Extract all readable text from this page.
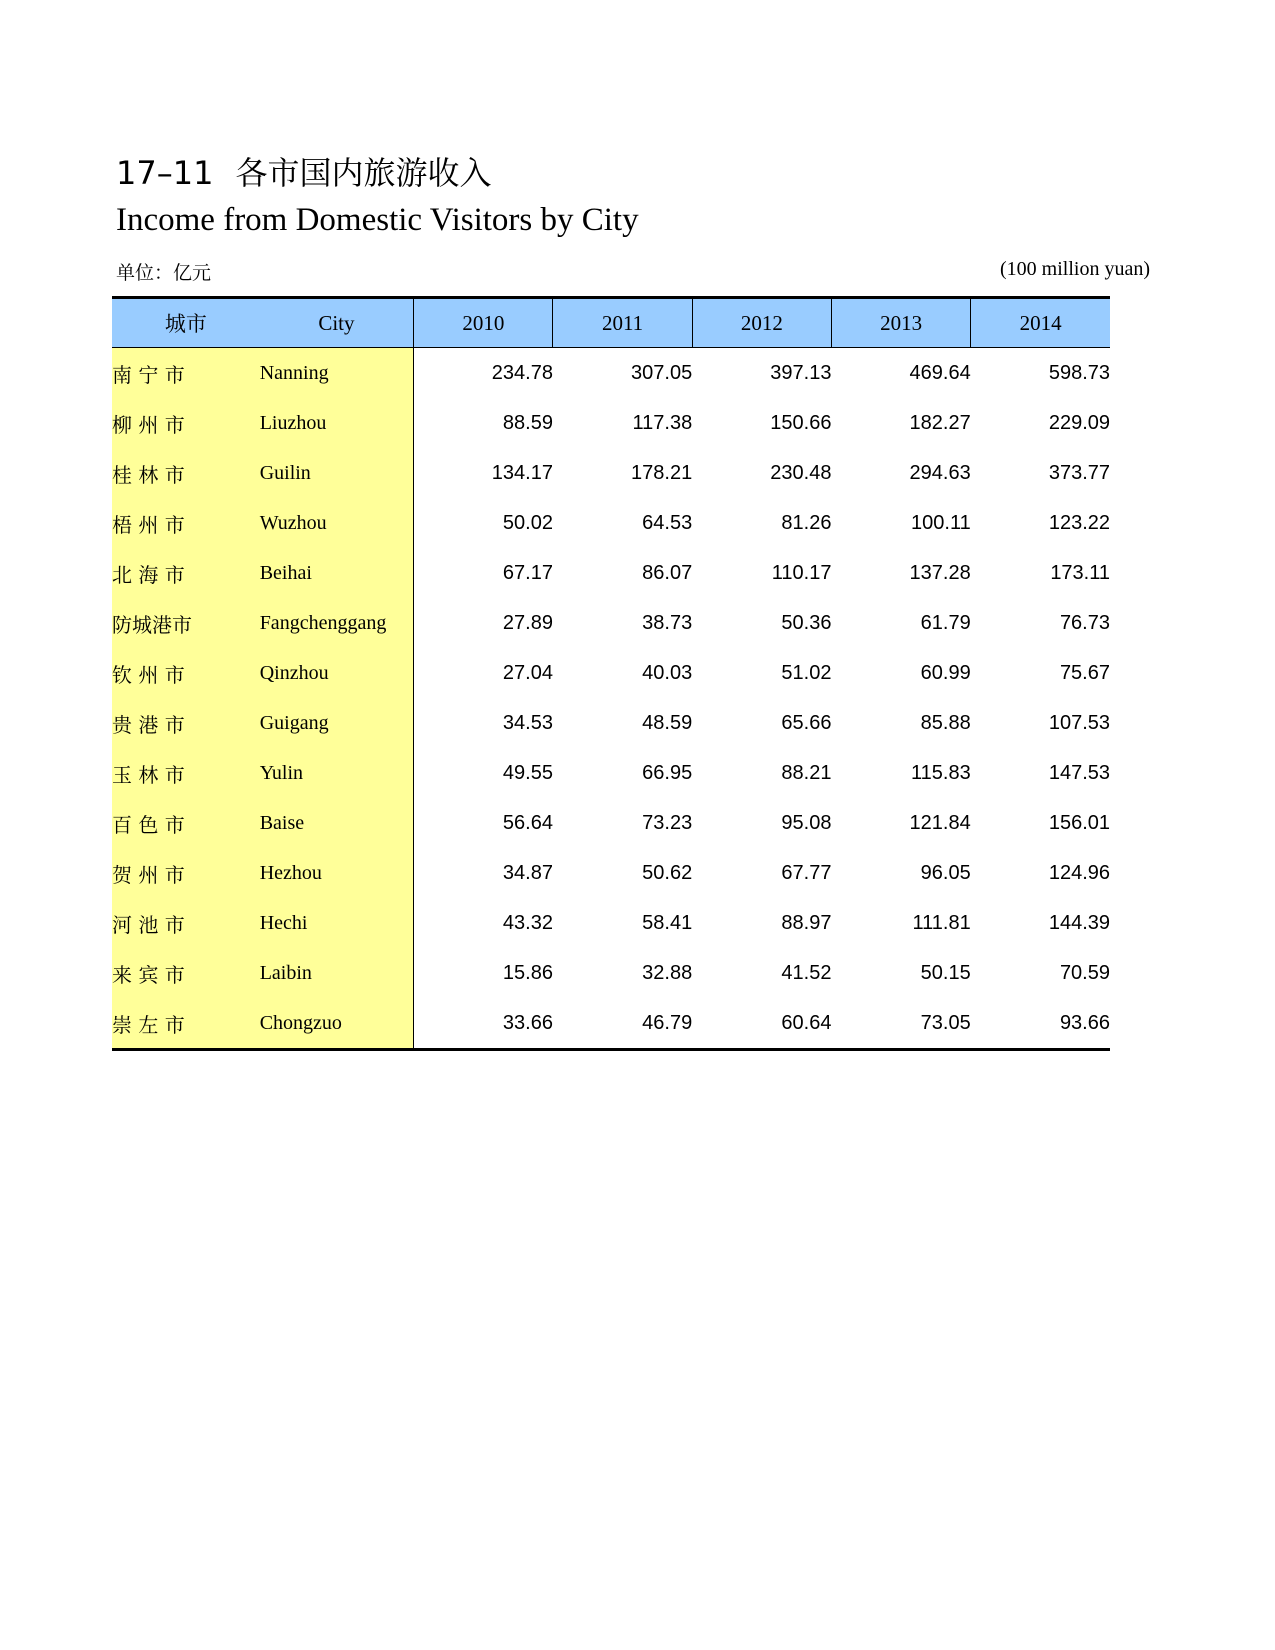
17–11 各市国内旅游收入
Income from Domestic Visitors by City
单位：亿元	(100 million yuan)
城市	City	2010	2011	2012	2013	2014
南 宁 市	Nanning	234.78	307.05	397.13	469.64	598.73
柳 州 市	Liuzhou	88.59	117.38	150.66	182.27	229.09
桂 林 市	Guilin	134.17	178.21	230.48	294.63	373.77
梧 州 市	Wuzhou	50.02	64.53	81.26	100.11	123.22
北 海 市	Beihai	67.17	86.07	110.17	137.28	173.11
防城港市	Fangchenggang	27.89	38.73	50.36	61.79	76.73
钦 州 市	Qinzhou	27.04	40.03	51.02	60.99	75.67
贵 港 市	Guigang	34.53	48.59	65.66	85.88	107.53
玉 林 市	Yulin	49.55	66.95	88.21	115.83	147.53
百 色 市	Baise	56.64	73.23	95.08	121.84	156.01
贺 州 市	Hezhou	34.87	50.62	67.77	96.05	124.96
河 池 市	Hechi	43.32	58.41	88.97	111.81	144.39
来 宾 市	Laibin	15.86	32.88	41.52	50.15	70.59
崇 左 市	Chongzuo	33.66	46.79	60.64	73.05	93.66
